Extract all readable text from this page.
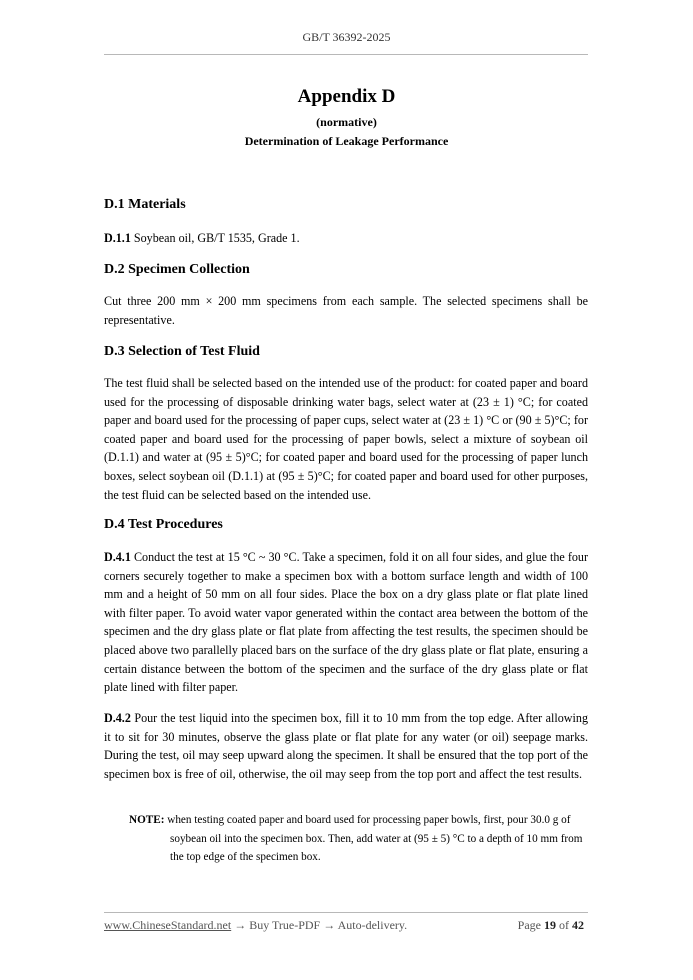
GB/T 36392-2025
Appendix D
(normative)
Determination of Leakage Performance
D.1 Materials
D.1.1 Soybean oil, GB/T 1535, Grade 1.
D.2 Specimen Collection
Cut three 200 mm × 200 mm specimens from each sample. The selected specimens shall be representative.
D.3 Selection of Test Fluid
The test fluid shall be selected based on the intended use of the product: for coated paper and board used for the processing of disposable drinking water bags, select water at (23 ± 1) °C; for coated paper and board used for the processing of paper cups, select water at (23 ± 1) °C or (90 ± 5)°C; for coated paper and board used for the processing of paper bowls, select a mixture of soybean oil (D.1.1) and water at (95 ± 5)°C; for coated paper and board used for the processing of paper lunch boxes, select soybean oil (D.1.1) at (95 ± 5)°C; for coated paper and board used for other purposes, the test fluid can be selected based on the intended use.
D.4 Test Procedures
D.4.1 Conduct the test at 15 °C ~ 30 °C. Take a specimen, fold it on all four sides, and glue the four corners securely together to make a specimen box with a bottom surface length and width of 100 mm and a height of 50 mm on all four sides. Place the box on a dry glass plate or flat plate lined with filter paper. To avoid water vapor generated within the contact area between the bottom of the specimen and the dry glass plate or flat plate from affecting the test results, the specimen should be placed above two parallelly placed bars on the surface of the dry glass plate or flat plate, ensuring a certain distance between the bottom of the specimen and the surface of the dry glass plate or flat plate lined with filter paper.
D.4.2 Pour the test liquid into the specimen box, fill it to 10 mm from the top edge. After allowing it to sit for 30 minutes, observe the glass plate or flat plate for any water (or oil) seepage marks. During the test, oil may seep upward along the specimen. It shall be ensured that the top port of the specimen box is free of oil, otherwise, the oil may seep from the top port and affect the test results.
NOTE: when testing coated paper and board used for processing paper bowls, first, pour 30.0 g of
soybean oil into the specimen box. Then, add water at (95 ± 5) °C to a depth of 10 mm from the top edge of the specimen box.
www.ChineseStandard.net → Buy True-PDF → Auto-delivery.	Page 19 of 42
